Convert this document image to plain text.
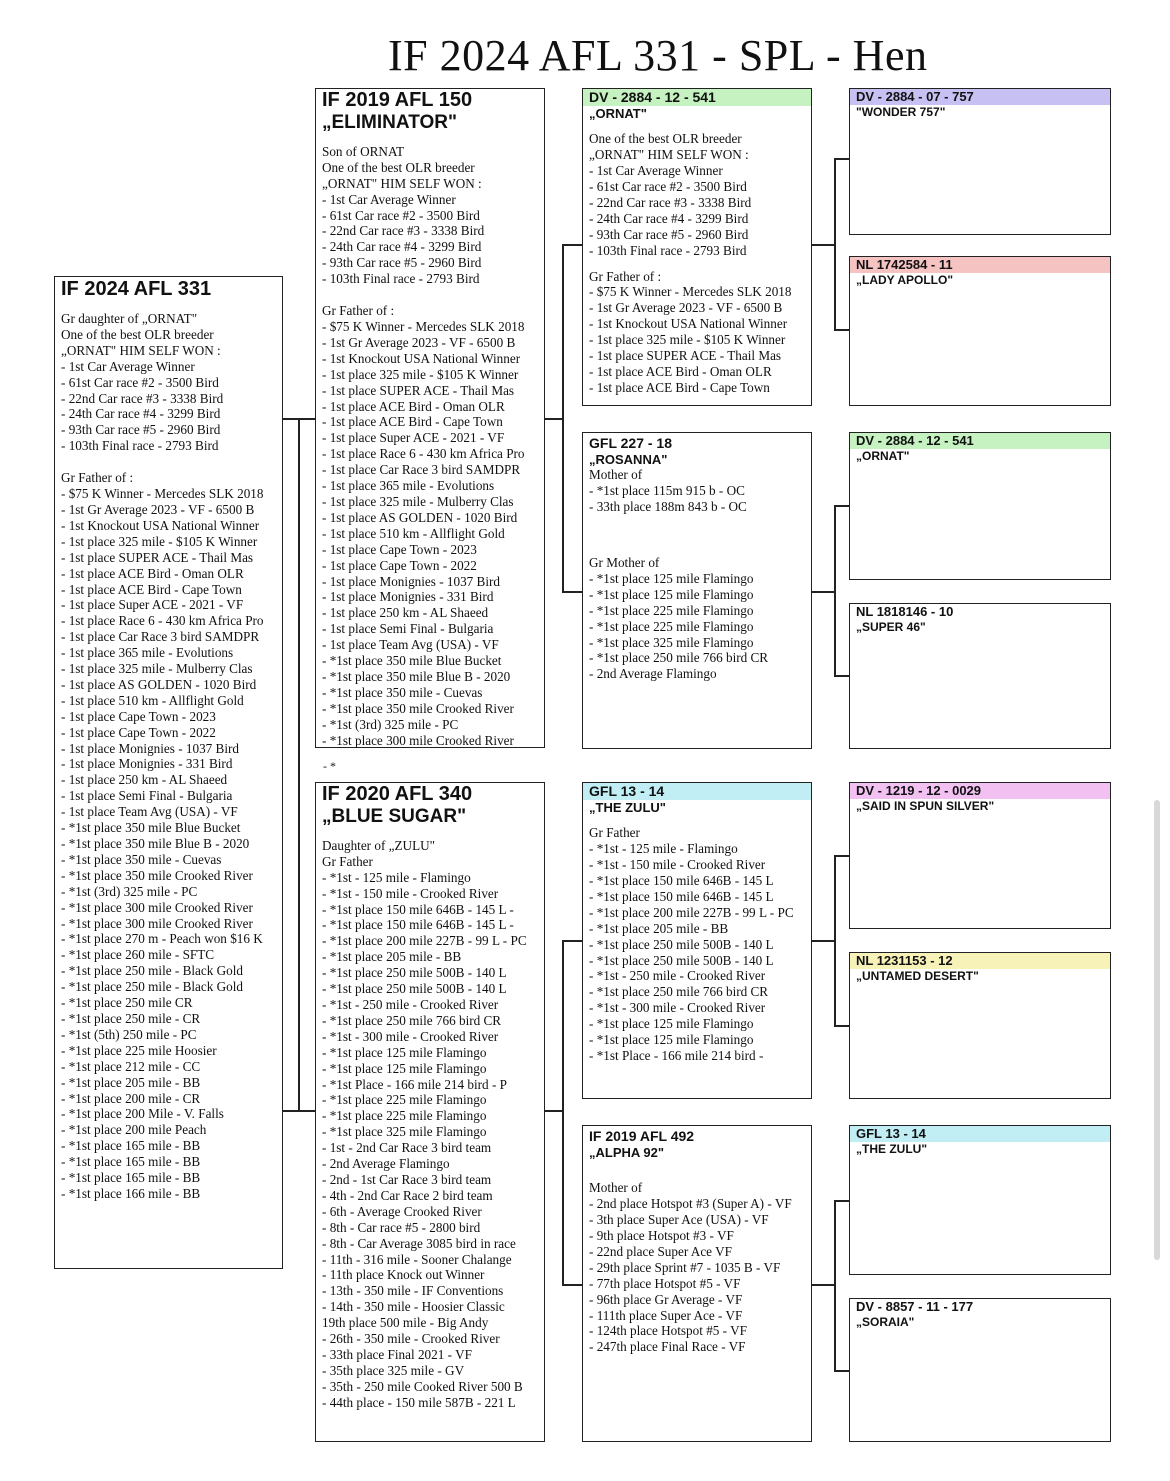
IF 2024 AFL 331 - SPL - Hen
IF 2024 AFL 331
Gr daughter of „ORNAT"
One of the best OLR breeder
„ORNAT" HIM SELF WON :
- 1st Car Average Winner
- 61st Car race #2 - 3500 Bird
- 22nd Car race #3 - 3338 Bird
- 24th Car race #4 - 3299 Bird
- 93th Car race #5 - 2960 Bird
- 103th Final race - 2793 Bird
Gr Father of :
- $75 K Winner - Mercedes SLK 2018
- 1st Gr Average 2023 - VF - 6500 B
- 1st Knockout USA National Winner
- 1st place 325 mile - $105 K Winner
- 1st place SUPER ACE - Thail Mas
- 1st place ACE Bird - Oman OLR
- 1st place ACE Bird - Cape Town
- 1st place Super ACE - 2021 - VF
- 1st place Race 6 - 430 km Africa Pro
- 1st place Car Race 3 bird SAMDPR
- 1st place 365 mile - Evolutions
- 1st place 325 mile - Mulberry Clas
- 1st place AS GOLDEN - 1020 Bird
- 1st place 510 km - Allflight Gold
- 1st place Cape Town - 2023
- 1st place Cape Town - 2022
- 1st place Monignies - 1037 Bird
- 1st place Monignies - 331 Bird
- 1st place 250 km - AL Shaeed
- 1st place Semi Final - Bulgaria
- 1st place Team Avg (USA) - VF
- *1st place 350 mile Blue Bucket
- *1st place 350 mile Blue B - 2020
- *1st place 350 mile - Cuevas
- *1st place 350 mile Crooked River
- *1st (3rd) 325 mile - PC
- *1st place 300 mile Crooked River
- *1st place 300 mile Crooked River
- *1st place 270 m - Peach won $16 K
- *1st place 260 mile - SFTC
- *1st place 250 mile - Black Gold
- *1st place 250 mile - Black Gold
- *1st place 250 mile CR
- *1st place 250 mile - CR
- *1st (5th) 250 mile - PC
- *1st place 225 mile Hoosier
- *1st place 212 mile - CC
- *1st place 205 mile - BB
- *1st place 200 mile - CR
- *1st place 200 Mile - V. Falls
- *1st place 200 mile Peach
- *1st place 165 mile - BB
- *1st place 165 mile - BB
- *1st place 165 mile - BB
- *1st place 166 mile - BB
IF 2019 AFL 150
„ELIMINATOR"
Son of ORNAT
One of the best OLR breeder
„ORNAT" HIM SELF WON :
- 1st Car Average Winner
- 61st Car race #2 - 3500 Bird
- 22nd Car race #3 - 3338 Bird
- 24th Car race #4 - 3299 Bird
- 93th Car race #5 - 2960 Bird
- 103th Final race - 2793 Bird
Gr Father of :
- $75 K Winner - Mercedes SLK 2018
- 1st Gr Average 2023 - VF - 6500 B
- 1st Knockout USA National Winner
- 1st place 325 mile - $105 K Winner
- 1st place SUPER ACE - Thail Mas
- 1st place ACE Bird - Oman OLR
- 1st place ACE Bird - Cape Town
- 1st place Super ACE - 2021 - VF
- 1st place Race 6 - 430 km Africa Pro
- 1st place Car Race 3 bird SAMDPR
- 1st place 365 mile - Evolutions
- 1st place 325 mile - Mulberry Clas
- 1st place AS GOLDEN - 1020 Bird
- 1st place 510 km - Allflight Gold
- 1st place Cape Town - 2023
- 1st place Cape Town - 2022
- 1st place Monignies - 1037 Bird
- 1st place Monignies - 331 Bird
- 1st place 250 km - AL Shaeed
- 1st place Semi Final - Bulgaria
- 1st place Team Avg (USA) - VF
- *1st place 350 mile Blue Bucket
- *1st place 350 mile Blue B - 2020
- *1st place 350 mile - Cuevas
- *1st place 350 mile Crooked River
- *1st (3rd) 325 mile - PC
- *1st place 300 mile Crooked River
- *
IF 2020 AFL 340
„BLUE SUGAR"
Daughter of „ZULU"
Gr Father
- *1st - 125 mile - Flamingo
- *1st - 150 mile - Crooked River
- *1st place 150 mile 646B - 145 L -
- *1st place 150 mile 646B - 145 L -
- *1st place 200 mile 227B - 99 L - PC
- *1st place 205 mile - BB
- *1st place 250 mile 500B - 140 L
- *1st place 250 mile 500B - 140 L
- *1st - 250 mile - Crooked River
- *1st place 250 mile 766 bird CR
- *1st - 300 mile - Crooked River
- *1st place 125 mile Flamingo
- *1st place 125 mile Flamingo
- *1st Place - 166 mile 214 bird - P
- *1st place 225 mile Flamingo
- *1st place 225 mile Flamingo
- *1st place 325 mile Flamingo
- 1st - 2nd Car Race 3 bird team
- 2nd Average Flamingo
- 2nd - 1st Car Race 3 bird team
- 4th - 2nd Car Race 2 bird team
- 6th - Average Crooked River
- 8th - Car race #5 - 2800 bird
- 8th - Car Average 3085 bird in race
- 11th - 316 mile - Sooner Chalange
- 11th place Knock out Winner
- 13th - 350 mile - IF Conventions
- 14th - 350 mile - Hoosier Classic
19th place 500 mile - Big Andy
- 26th - 350 mile - Crooked River
- 33th place Final 2021 - VF
- 35th place 325 mile - GV
- 35th - 250 mile Cooked River 500 B
- 44th place - 150 mile 587B - 221 L
DV - 2884 - 12 - 541
„ORNAT"
One of the best OLR breeder
„ORNAT" HIM SELF WON :
- 1st Car Average Winner
- 61st Car race #2 - 3500 Bird
- 22nd Car race #3 - 3338 Bird
- 24th Car race #4 - 3299 Bird
- 93th Car race #5 - 2960 Bird
- 103th Final race - 2793 Bird
Gr Father of :
- $75 K Winner - Mercedes SLK 2018
- 1st Gr Average 2023 - VF - 6500 B
- 1st Knockout USA National Winner
- 1st place 325 mile - $105 K Winner
- 1st place SUPER ACE - Thail Mas
- 1st place ACE Bird - Oman OLR
- 1st place ACE Bird - Cape Town
GFL 227 - 18
„ROSANNA"
Mother of
- *1st place 115m 915 b - OC
- 33th place 188m 843 b - OC
Gr Mother of
- *1st place 125 mile Flamingo
- *1st place 125 mile Flamingo
- *1st place 225 mile Flamingo
- *1st place 225 mile Flamingo
- *1st place 325 mile Flamingo
- *1st place 250 mile 766 bird CR
- 2nd Average Flamingo
GFL 13 - 14
„THE ZULU"
Gr Father
- *1st - 125 mile - Flamingo
- *1st - 150 mile - Crooked River
- *1st place 150 mile 646B - 145 L
- *1st place 150 mile 646B - 145 L
- *1st place 200 mile 227B - 99 L - PC
- *1st place 205 mile - BB
- *1st place 250 mile 500B - 140 L
- *1st place 250 mile 500B - 140 L
- *1st - 250 mile - Crooked River
- *1st place 250 mile 766 bird CR
- *1st - 300 mile - Crooked River
- *1st place 125 mile Flamingo
- *1st place 125 mile Flamingo
- *1st Place - 166 mile 214 bird -
IF 2019 AFL 492
„ALPHA 92"
Mother of
- 2nd place Hotspot #3 (Super A) - VF
- 3th place Super Ace (USA) - VF
- 9th place Hotspot #3 - VF
- 22nd place Super Ace VF
- 29th place Sprint #7 - 1035 B - VF
- 77th place Hotspot #5 - VF
- 96th place Gr Average - VF
- 111th place Super Ace - VF
- 124th place Hotspot #5 - VF
- 247th place Final Race - VF
DV - 2884 - 07 - 757
"WONDER 757"
NL 1742584 - 11
„LADY APOLLO"
DV - 2884 - 12 - 541
„ORNAT"
NL 1818146 - 10
„SUPER 46"
DV - 1219 - 12 - 0029
„SAID IN SPUN SILVER"
NL 1231153 - 12
„UNTAMED DESERT"
GFL 13 - 14
„THE ZULU"
DV - 8857 - 11 - 177
„SORAIA"
